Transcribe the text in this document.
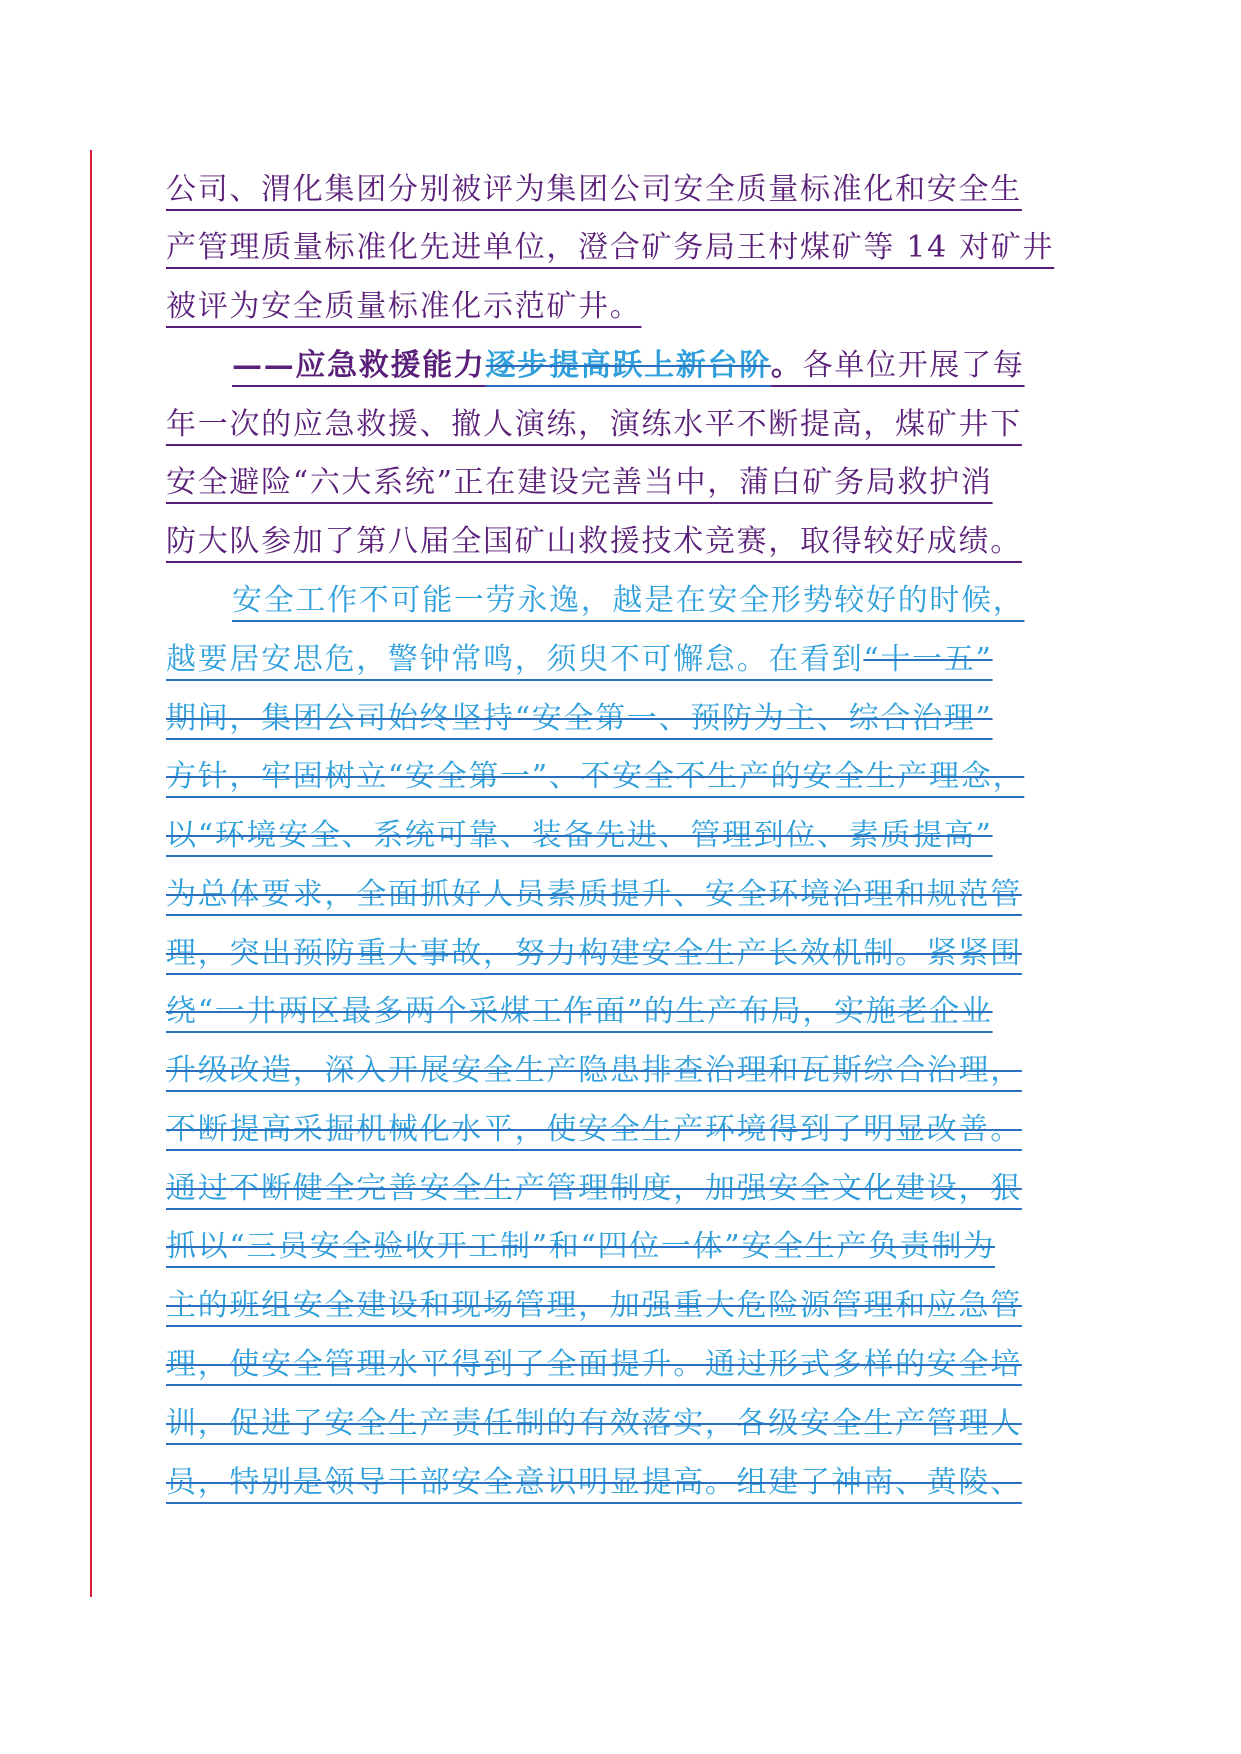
公司、渭化集团分别被评为集团公司安全质量标准化和安全生
产管理质量标准化先进单位，澄合矿务局王村煤矿等 14 对矿井
被评为安全质量标准化示范矿井。
——应急救援能力逐步提高跃上新台阶。各单位开展了每
年一次的应急救援、撤人演练，演练水平不断提高，煤矿井下
安全避险“六大系统”正在建设完善当中，蒲白矿务局救护消
防大队参加了第八届全国矿山救援技术竞赛，取得较好成绩。
安全工作不可能一劳永逸，越是在安全形势较好的时候，
越要居安思危，警钟常鸣，须臾不可懈怠。在看到“十一五”
期间，集团公司始终坚持“安全第一、预防为主、综合治理”
方针，牢固树立“安全第一”、不安全不生产的安全生产理念，
以“环境安全、系统可靠、装备先进、管理到位、素质提高”
为总体要求，全面抓好人员素质提升、安全环境治理和规范管
理，突出预防重大事故，努力构建安全生产长效机制。紧紧围
绕“一井两区最多两个采煤工作面”的生产布局，实施老企业
升级改造，深入开展安全生产隐患排查治理和瓦斯综合治理，
不断提高采掘机械化水平，使安全生产环境得到了明显改善。
通过不断健全完善安全生产管理制度，加强安全文化建设，狠
抓以“三员安全验收开工制”和“四位一体”安全生产负责制为
主的班组安全建设和现场管理，加强重大危险源管理和应急管
理，使安全管理水平得到了全面提升。通过形式多样的安全培
训，促进了安全生产责任制的有效落实，各级安全生产管理人
员，特别是领导干部安全意识明显提高。组建了神南、黄陵、
